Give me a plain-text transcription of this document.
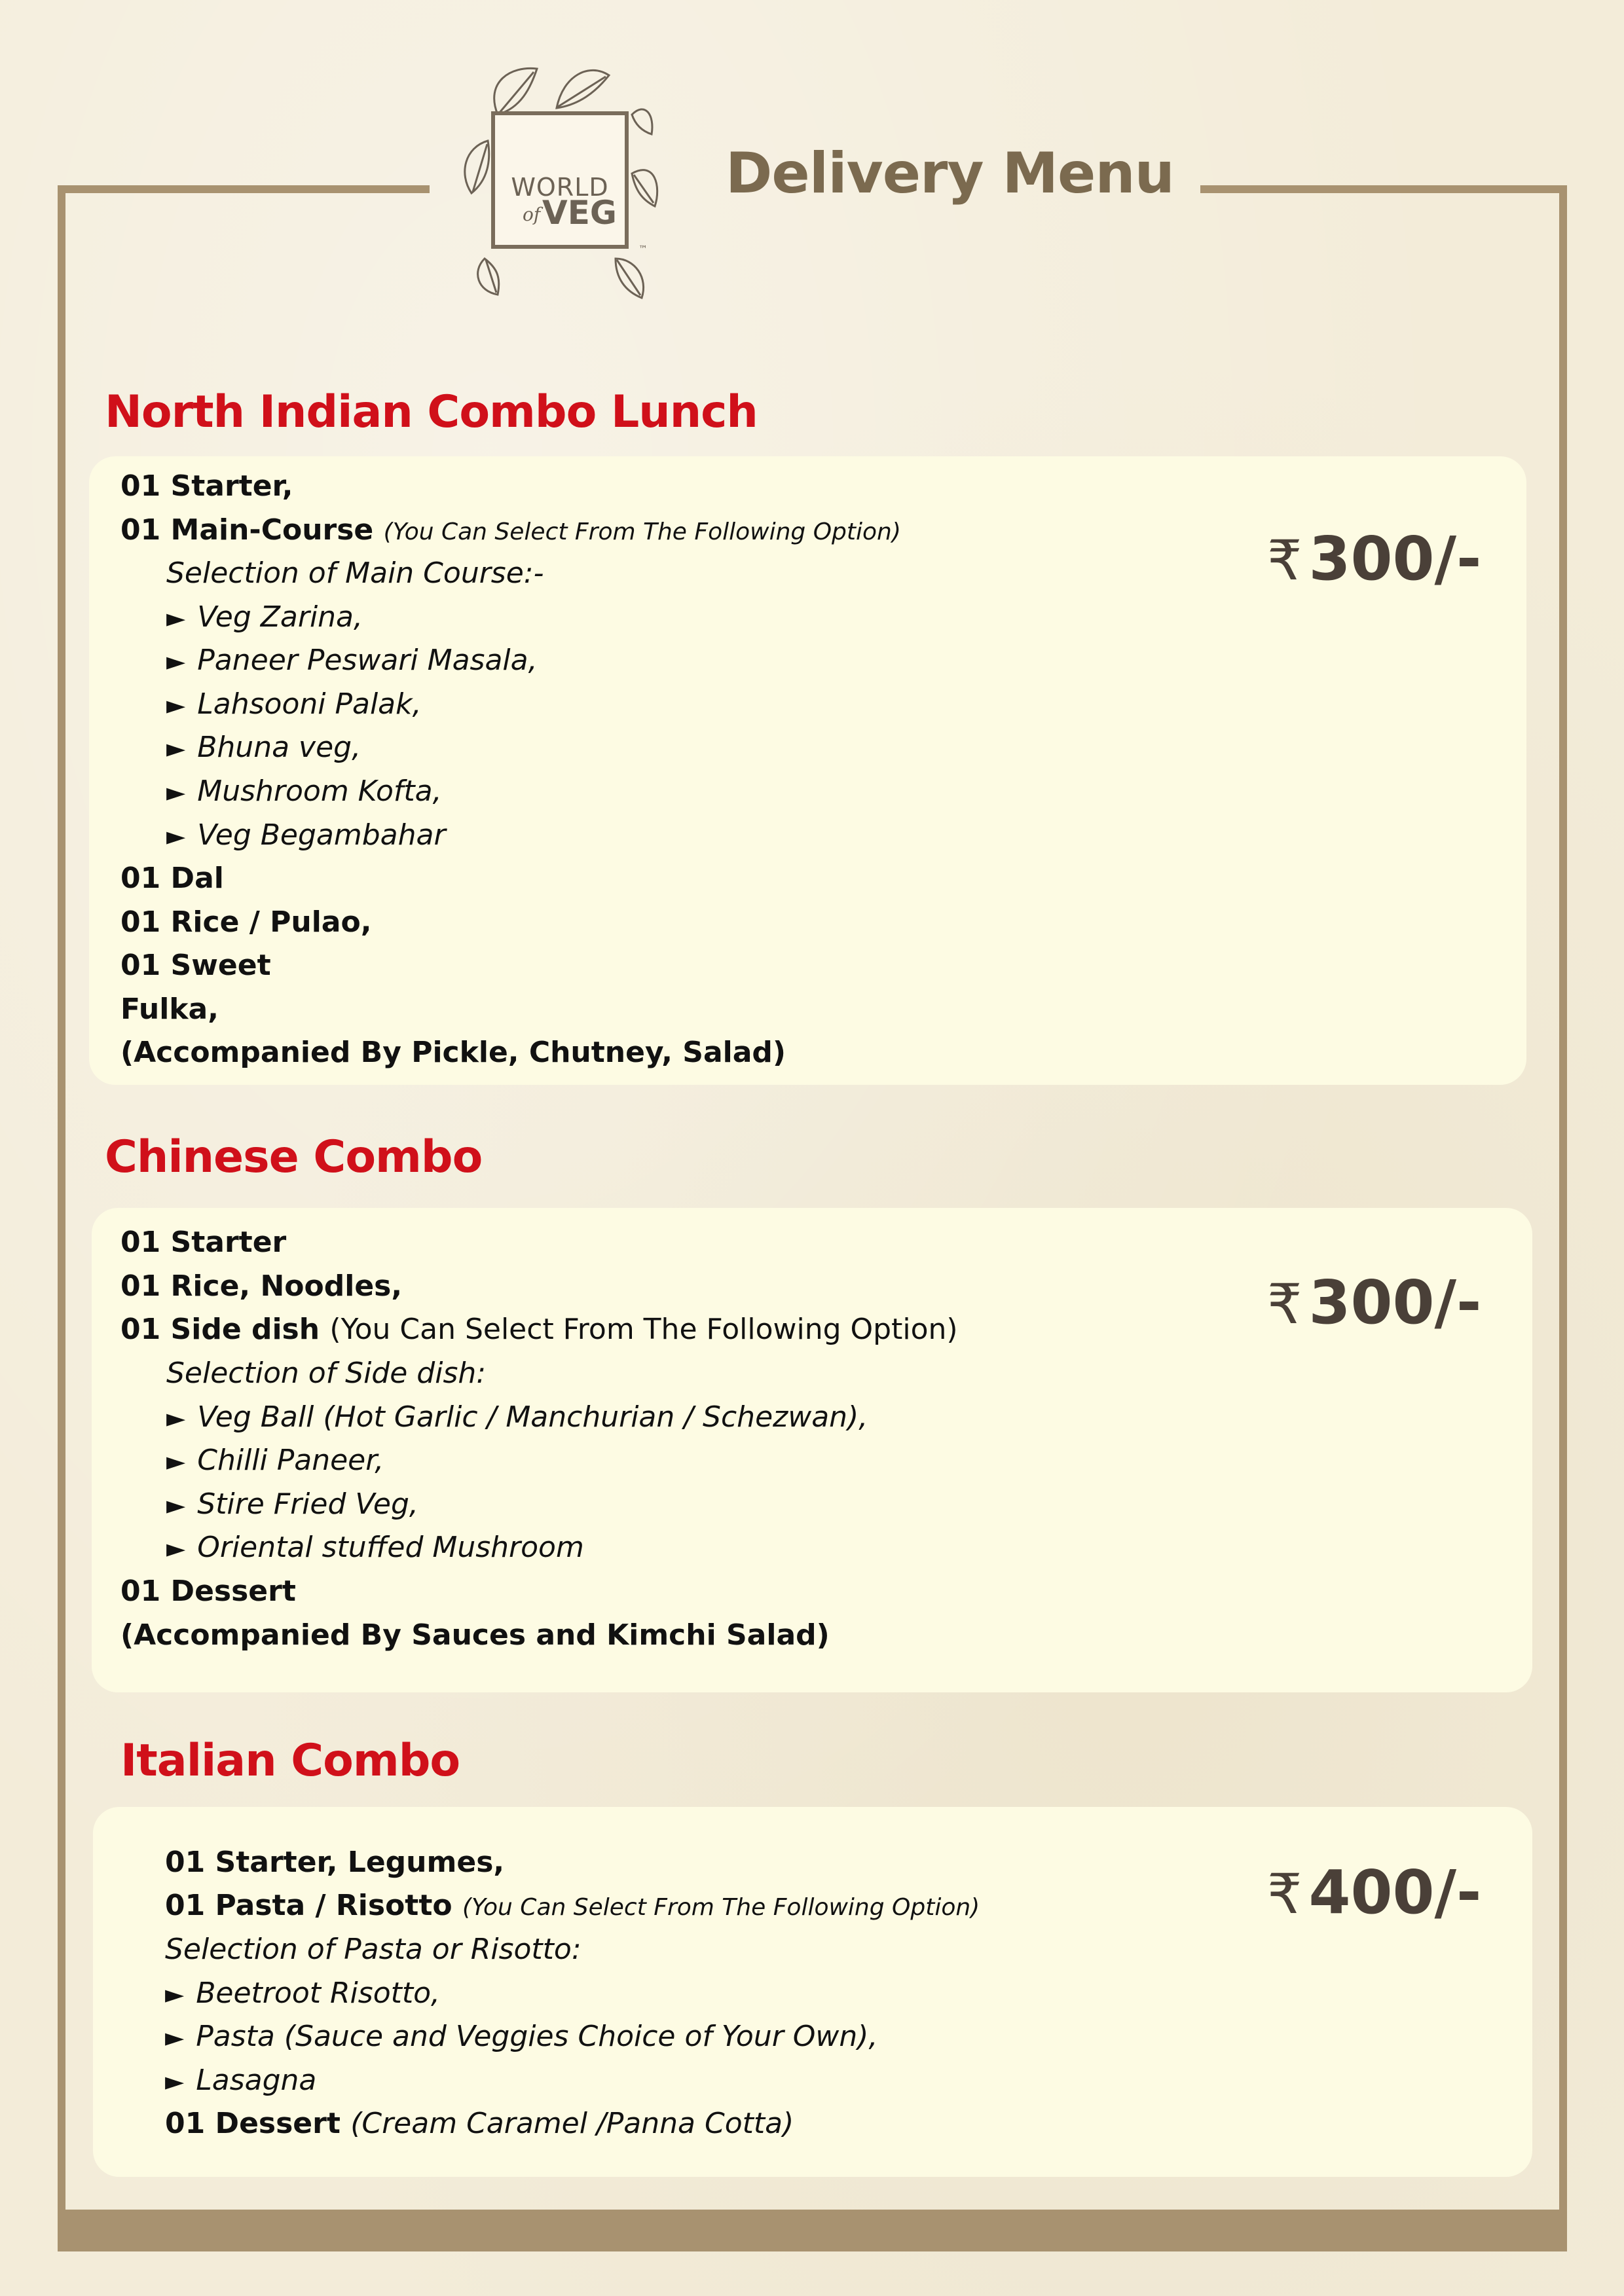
WORLD
of VEG
™
Delivery Menu
North Indian Combo Lunch
₹ 300/-
01 Starter,
01 Main-Course (You Can Select From The Following Option)
Selection of Main Course:-
► Veg Zarina,
► Paneer Peswari Masala,
► Lahsooni Palak,
► Bhuna veg,
► Mushroom Kofta,
► Veg Begambahar
01 Dal
01 Rice / Pulao,
01 Sweet
Fulka,
(Accompanied By Pickle, Chutney, Salad)
Chinese Combo
₹ 300/-
01 Starter
01 Rice, Noodles,
01 Side dish (You Can Select From The Following Option)
Selection of Side dish:
► Veg Ball (Hot Garlic / Manchurian / Schezwan),
► Chilli Paneer,
► Stire Fried Veg,
► Oriental stuffed Mushroom
01 Dessert
(Accompanied By Sauces and Kimchi Salad)
Italian Combo
₹ 400/-
01 Starter, Legumes,
01 Pasta / Risotto (You Can Select From The Following Option)
Selection of Pasta or Risotto:
► Beetroot Risotto,
► Pasta (Sauce and Veggies Choice of Your Own),
► Lasagna
01 Dessert (Cream Caramel /Panna Cotta)
